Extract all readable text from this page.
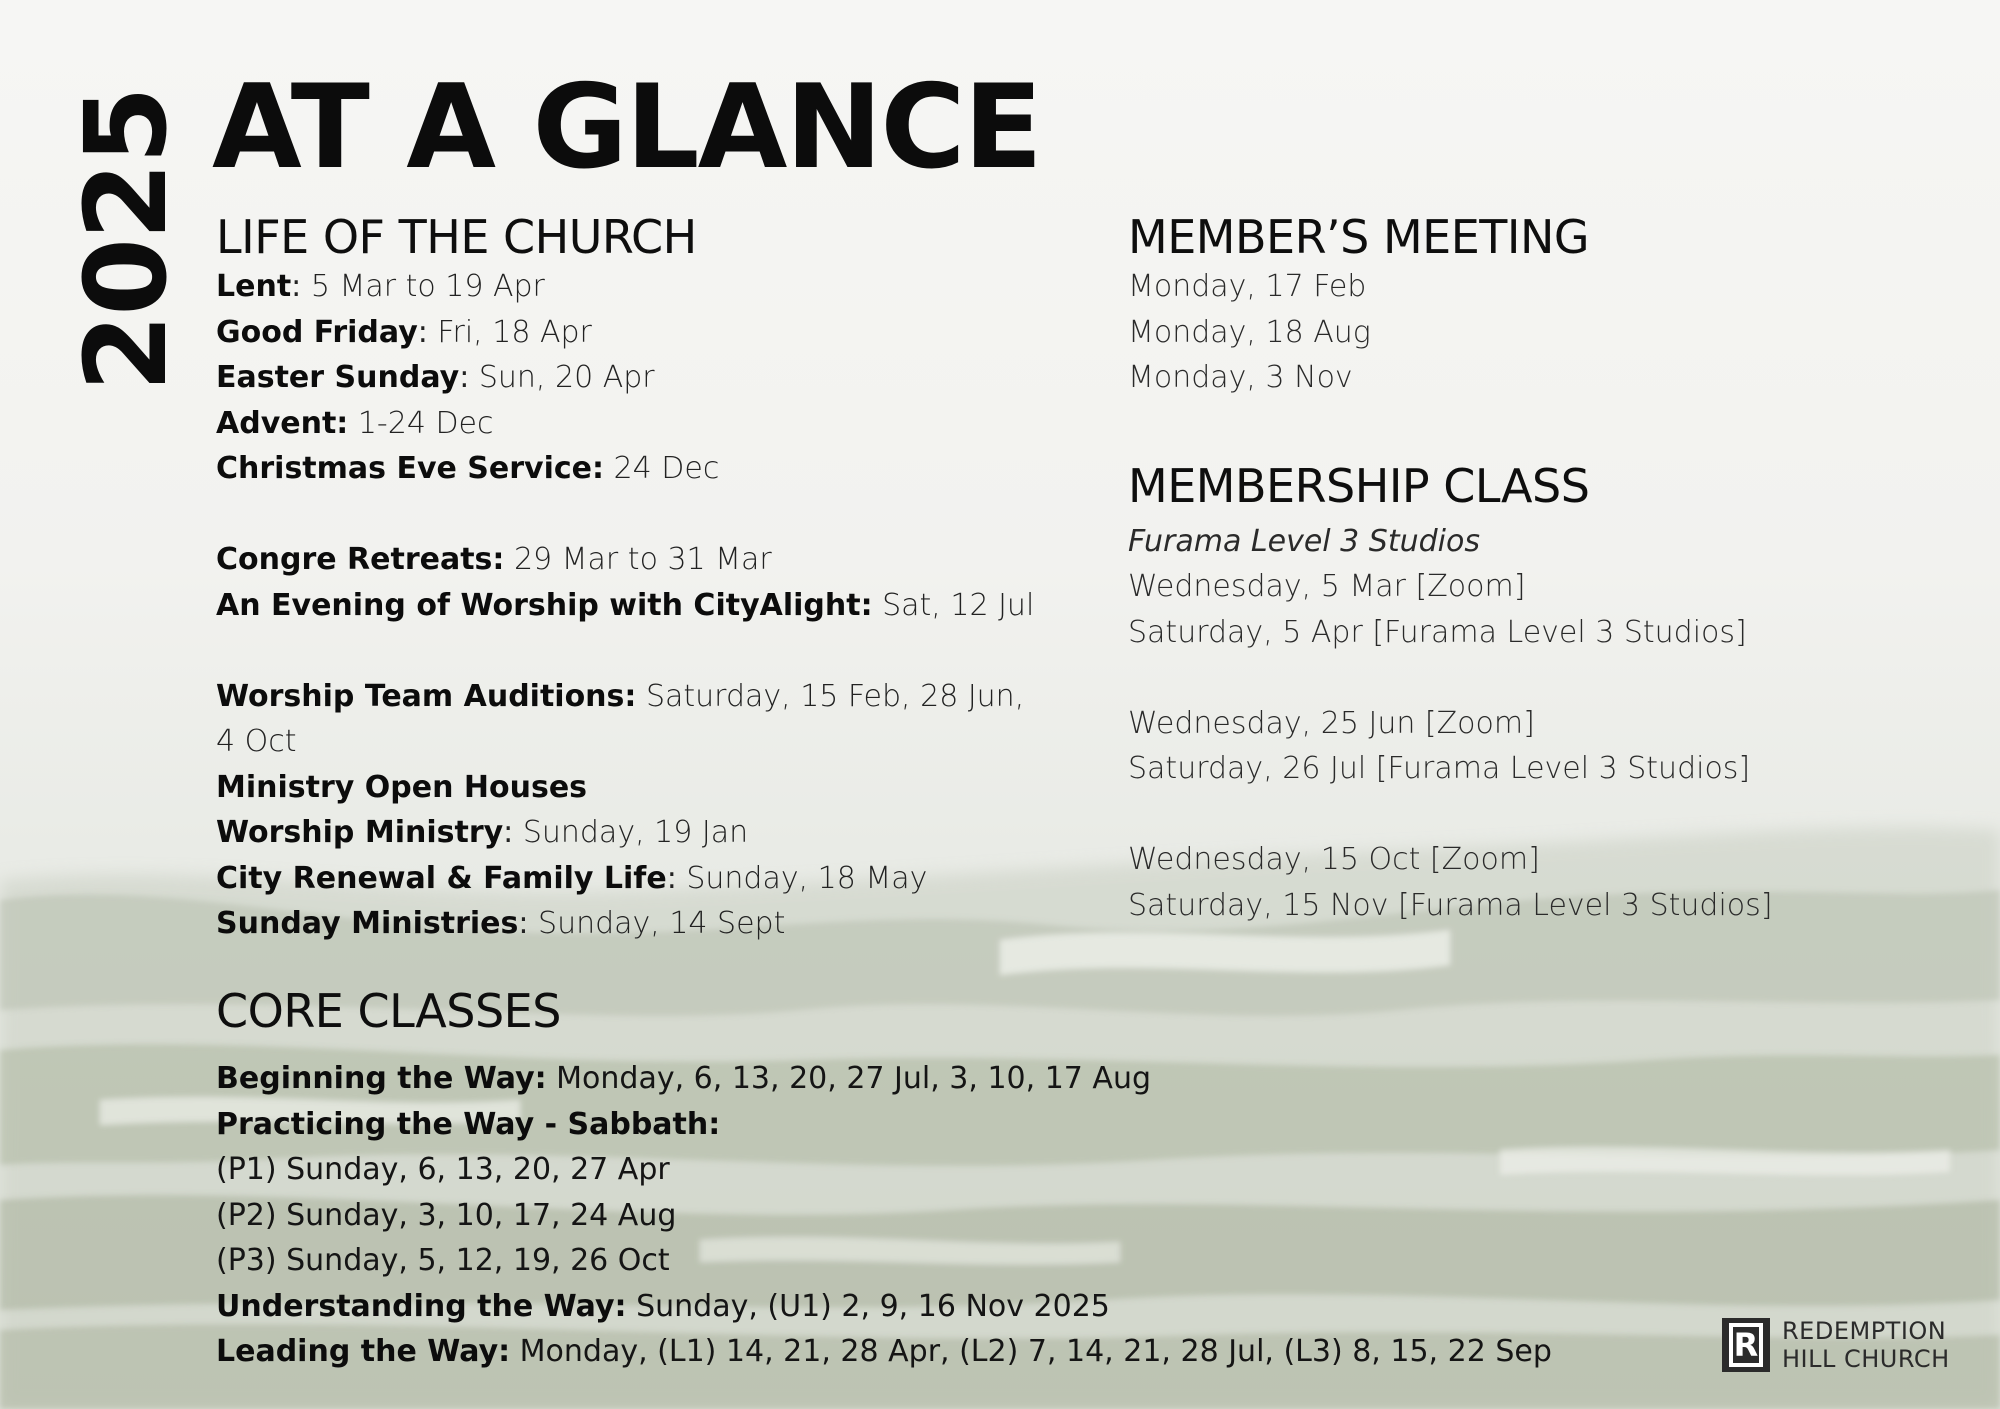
2025 AT A GLANCE
LIFE OF THE CHURCH
Lent: 5 Mar to 19 Apr
Good Friday: Fri, 18 Apr
Easter Sunday: Sun, 20 Apr
Advent: 1-24 Dec
Christmas Eve Service: 24 Dec
Congre Retreats: 29 Mar to 31 Mar
An Evening of Worship with CityAlight: Sat, 12 Jul
Worship Team Auditions: Saturday, 15 Feb, 28 Jun,
4 Oct
Ministry Open Houses
Worship Ministry: Sunday, 19 Jan
City Renewal & Family Life: Sunday, 18 May
Sunday Ministries: Sunday, 14 Sept
CORE CLASSES
Beginning the Way: Monday, 6, 13, 20, 27 Jul, 3, 10, 17 Aug
Practicing the Way - Sabbath:
(P1) Sunday, 6, 13, 20, 27 Apr
(P2) Sunday, 3, 10, 17, 24 Aug
(P3) Sunday, 5, 12, 19, 26 Oct
Understanding the Way: Sunday, (U1) 2, 9, 16 Nov 2025
Leading the Way: Monday, (L1) 14, 21, 28 Apr, (L2) 7, 14, 21, 28 Jul, (L3) 8, 15, 22 Sep
MEMBER’S MEETING
Monday, 17 Feb
Monday, 18 Aug
Monday, 3 Nov
MEMBERSHIP CLASS
Furama Level 3 Studios
Wednesday, 5 Mar [Zoom]
Saturday, 5 Apr [Furama Level 3 Studios]
Wednesday, 25 Jun [Zoom]
Saturday, 26 Jul [Furama Level 3 Studios]
Wednesday, 15 Oct [Zoom]
Saturday, 15 Nov [Furama Level 3 Studios]
R REDEMPTION
HILL CHURCH
